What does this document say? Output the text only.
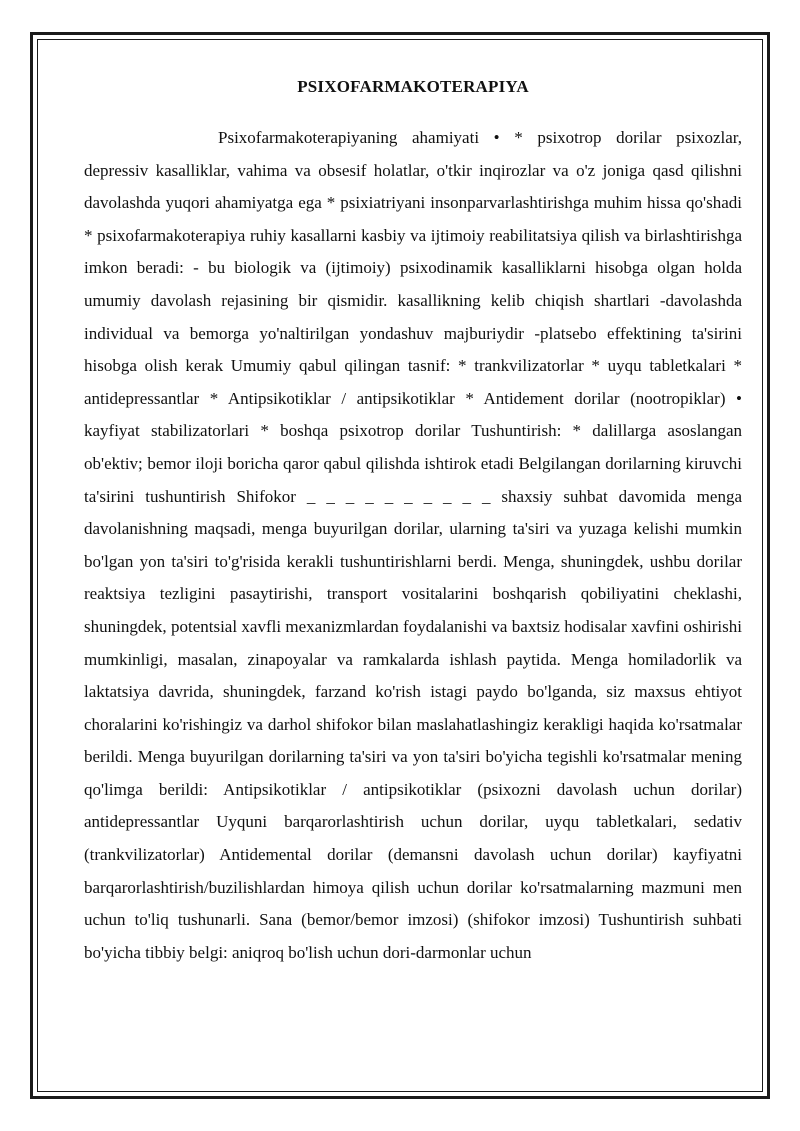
PSIXOFARMAKOTERAPIYA

Psixofarmakoterapiyaning ahamiyati • * psixotrop dorilar psixozlar, depressiv kasalliklar, vahima va obsesif holatlar, o'tkir inqirozlar va o'z joniga qasd qilishni davolashda yuqori ahamiyatga ega * psixiatriyani insonparvarlashtirishga muhim hissa qo'shadi * psixofarmakoterapiya ruhiy kasallarni kasbiy va ijtimoiy reabilitatsiya qilish va birlashtirishga imkon beradi: - bu biologik va (ijtimoiy) psixodinamik kasalliklarni hisobga olgan holda umumiy davolash rejasining bir qismidir. kasallikning kelib chiqish shartlari -davolashda individual va bemorga yo'naltirilgan yondashuv majburiydir -platsebo effektining ta'sirini hisobga olish kerak Umumiy qabul qilingan tasnif: * trankvilizatorlar * uyqu tabletkalari * antidepressantlar * Antipsikotiklar / antipsikotiklar * Antidement dorilar (nootropiklar) • kayfiyat stabilizatorlari * boshqa psixotrop dorilar Tushuntirish: * dalillarga asoslangan ob'ektiv; bemor iloji boricha qaror qabul qilishda ishtirok etadi Belgilangan dorilarning kiruvchi ta'sirini tushuntirish Shifokor _ _ _ _ _ _ _ _ _ _ shaxsiy suhbat davomida menga davolanishning maqsadi, menga buyurilgan dorilar, ularning ta'siri va yuzaga kelishi mumkin bo'lgan yon ta'siri to'g'risida kerakli tushuntirishlarni berdi. Menga, shuningdek, ushbu dorilar reaktsiya tezligini pasaytirishi, transport vositalarini boshqarish qobiliyatini cheklashi, shuningdek, potentsial xavfli mexanizmlardan foydalanishi va baxtsiz hodisalar xavfini oshirishi mumkinligi, masalan, zinapoyalar va ramkalarda ishlash paytida. Menga homiladorlik va laktatsiya davrida, shuningdek, farzand ko'rish istagi paydo bo'lganda, siz maxsus ehtiyot choralarini ko'rishingiz va darhol shifokor bilan maslahatlashingiz kerakligi haqida ko'rsatmalar berildi. Menga buyurilgan dorilarning ta'siri va yon ta'siri bo'yicha tegishli ko'rsatmalar mening qo'limga berildi: Antipsikotiklar / antipsikotiklar (psixozni davolash uchun dorilar) antidepressantlar Uyquni barqarorlashtirish uchun dorilar, uyqu tabletkalari, sedativ (trankvilizatorlar) Antidemental dorilar (demansni davolash uchun dorilar) kayfiyatni barqarorlashtirish/buzilishlardan himoya qilish uchun dorilar ko'rsatmalarning mazmuni men uchun to'liq tushunarli. Sana (bemor/bemor imzosi) (shifokor imzosi) Tushuntirish suhbati bo'yicha tibbiy belgi: aniqroq bo'lish uchun dori-darmonlar uchun
